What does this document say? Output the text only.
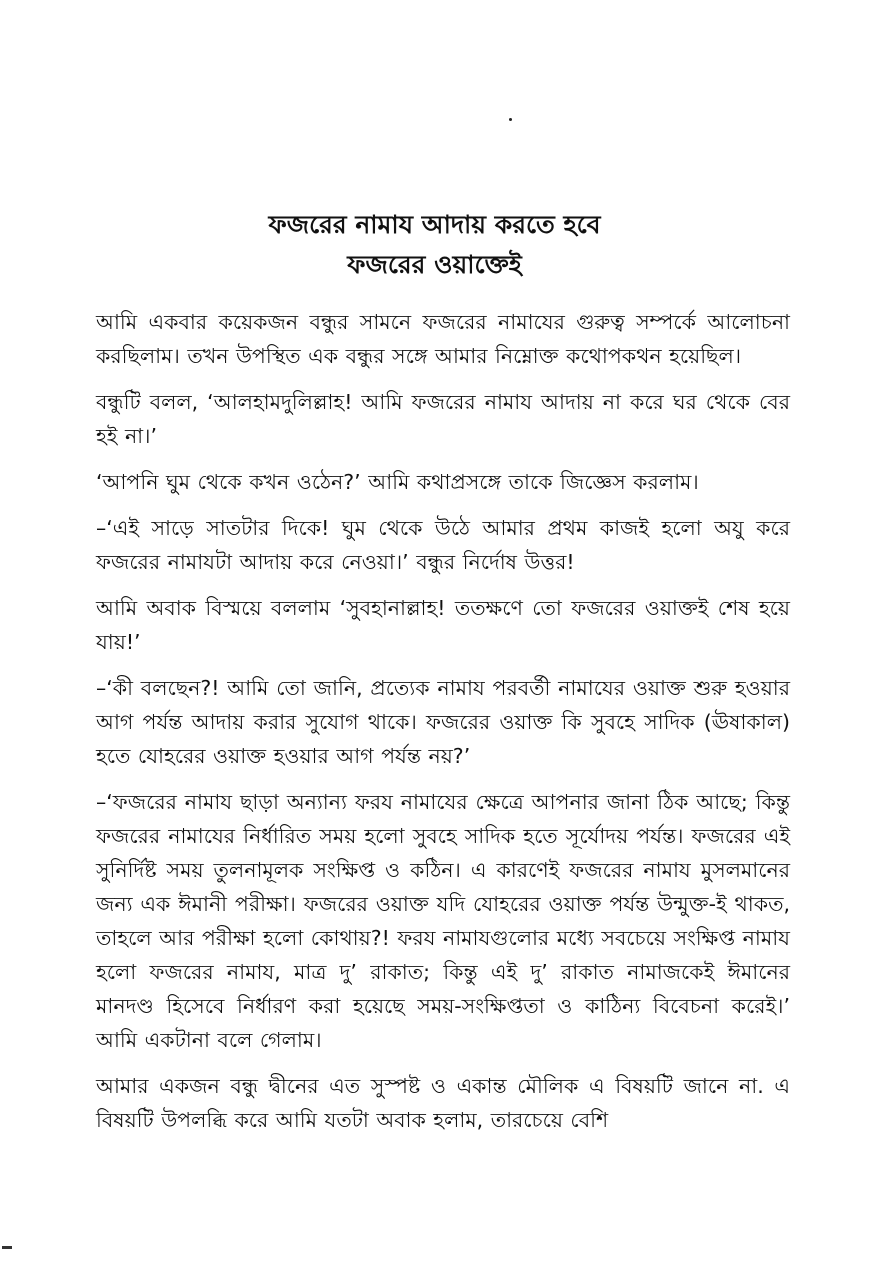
ফজরের নামায আদায় করতে হবে

ফজরের ওয়াক্তেই

আমি একবার কয়েকজন বন্ধুর সামনে ফজরের নামাযের গুরুত্ব সম্পর্কে আলোচনা করছিলাম। তখন উপস্থিত এক বন্ধুর সঙ্গে আমার নিম্নোক্ত কথোপকথন হয়েছিল।

বন্ধুটি বলল, ‘আলহামদুলিল্লাহ! আমি ফজরের নামায আদায় না করে ঘর থেকে বের হই না।’

‘আপনি ঘুম থেকে কখন ওঠেন?’ আমি কথাপ্রসঙ্গে তাকে জিজ্ঞেস করলাম।

–‘এই সাড়ে সাতটার দিকে! ঘুম থেকে উঠে আমার প্রথম কাজই হলো অযু করে ফজরের নামাযটা আদায় করে নেওয়া।’ বন্ধুর নির্দোষ উত্তর!

আমি অবাক বিস্ময়ে বললাম ‘সুবহানাল্লাহ! ততক্ষণে তো ফজরের ওয়াক্তই শেষ হয়ে যায়!’

–‘কী বলছেন?! আমি তো জানি, প্রত্যেক নামায পরবর্তী নামাযের ওয়াক্ত শুরু হওয়ার আগ পর্যন্ত আদায় করার সুযোগ থাকে। ফজরের ওয়াক্ত কি সুবহে সাদিক (ঊষাকাল) হতে যোহরের ওয়াক্ত হওয়ার আগ পর্যন্ত নয়?’

–‘ফজরের নামায ছাড়া অন্যান্য ফরয নামাযের ক্ষেত্রে আপনার জানা ঠিক আছে; কিন্তু ফজরের নামাযের নির্ধারিত সময় হলো সুবহে সাদিক হতে সূর্যোদয় পর্যন্ত। ফজরের এই সুনির্দিষ্ট সময় তুলনামূলক সংক্ষিপ্ত ও কঠিন। এ কারণেই ফজরের নামায মুসলমানের জন্য এক ঈমানী পরীক্ষা। ফজরের ওয়াক্ত যদি যোহরের ওয়াক্ত পর্যন্ত উন্মুক্ত-ই থাকত, তাহলে আর পরীক্ষা হলো কোথায়?! ফরয নামাযগুলোর মধ্যে সবচেয়ে সংক্ষিপ্ত নামায হলো ফজরের নামায, মাত্র দু’ রাকাত; কিন্তু এই দু’ রাকাত নামাজকেই ঈমানের মানদণ্ড হিসেবে নির্ধারণ করা হয়েছে সময়-সংক্ষিপ্ততা ও কাঠিন্য বিবেচনা করেই।’ আমি একটানা বলে গেলাম।

আমার একজন বন্ধু দ্বীনের এত সুস্পষ্ট ও একান্ত মৌলিক এ বিষয়টি জানে না. এ বিষয়টি উপলব্ধি করে আমি যতটা অবাক হলাম, তারচেয়ে বেশি
